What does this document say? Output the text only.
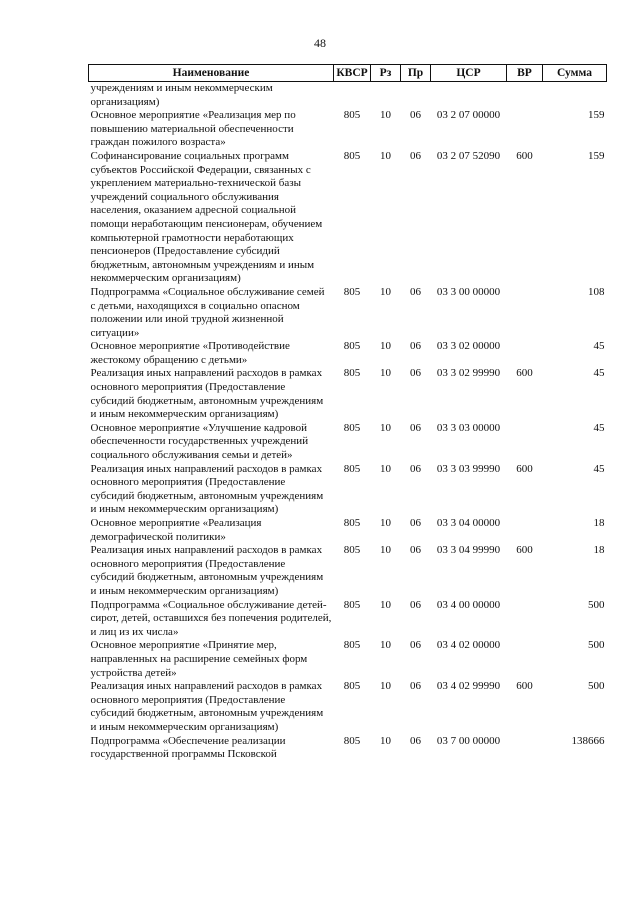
48
Наименование	КВСР	Рз	Пр	ЦСР	ВР	Сумма
учреждениям и иным некоммерческим организациям)						
Основное мероприятие «Реализация мер по повышению материальной обеспеченности граждан пожилого возраста»	805	10	06	03 2 07 00000		159
Софинансирование социальных программ субъектов Российской Федерации, связанных с укреплением материально-технической базы учреждений социального обслуживания населения, оказанием адресной социальной помощи неработающим пенсионерам, обучением компьютерной грамотности неработающих пенсионеров (Предоставление субсидий бюджетным, автономным учреждениям и иным некоммерческим организациям)	805	10	06	03 2 07 52090	600	159
Подпрограмма «Социальное обслуживание семей с детьми, находящихся в социально опасном положении или иной трудной жизненной ситуации»	805	10	06	03 3 00 00000		108
Основное мероприятие «Противодействие жестокому обращению с детьми»	805	10	06	03 3 02 00000		45
Реализация иных направлений расходов в рамках основного мероприятия (Предоставление субсидий бюджетным, автономным учреждениям и иным некоммерческим организациям)	805	10	06	03 3 02 99990	600	45
Основное мероприятие «Улучшение кадровой обеспеченности государственных учреждений социального обслуживания семьи и детей»	805	10	06	03 3 03 00000		45
Реализация иных направлений расходов в рамках основного мероприятия (Предоставление субсидий бюджетным, автономным учреждениям и иным некоммерческим организациям)	805	10	06	03 3 03 99990	600	45
Основное мероприятие «Реализация демографической политики»	805	10	06	03 3 04 00000		18
Реализация иных направлений расходов в рамках основного мероприятия (Предоставление субсидий бюджетным, автономным учреждениям и иным некоммерческим организациям)	805	10	06	03 3 04 99990	600	18
Подпрограмма «Социальное обслуживание детей-сирот, детей, оставшихся без попечения родителей, и лиц из их числа»	805	10	06	03 4 00 00000		500
Основное мероприятие «Принятие мер, направленных на расширение семейных форм устройства детей»	805	10	06	03 4 02 00000		500
Реализация иных направлений расходов в рамках основного мероприятия (Предоставление субсидий бюджетным, автономным учреждениям и иным некоммерческим организациям)	805	10	06	03 4 02 99990	600	500
Подпрограмма «Обеспечение реализации государственной программы Псковской	805	10	06	03 7 00 00000		138666
